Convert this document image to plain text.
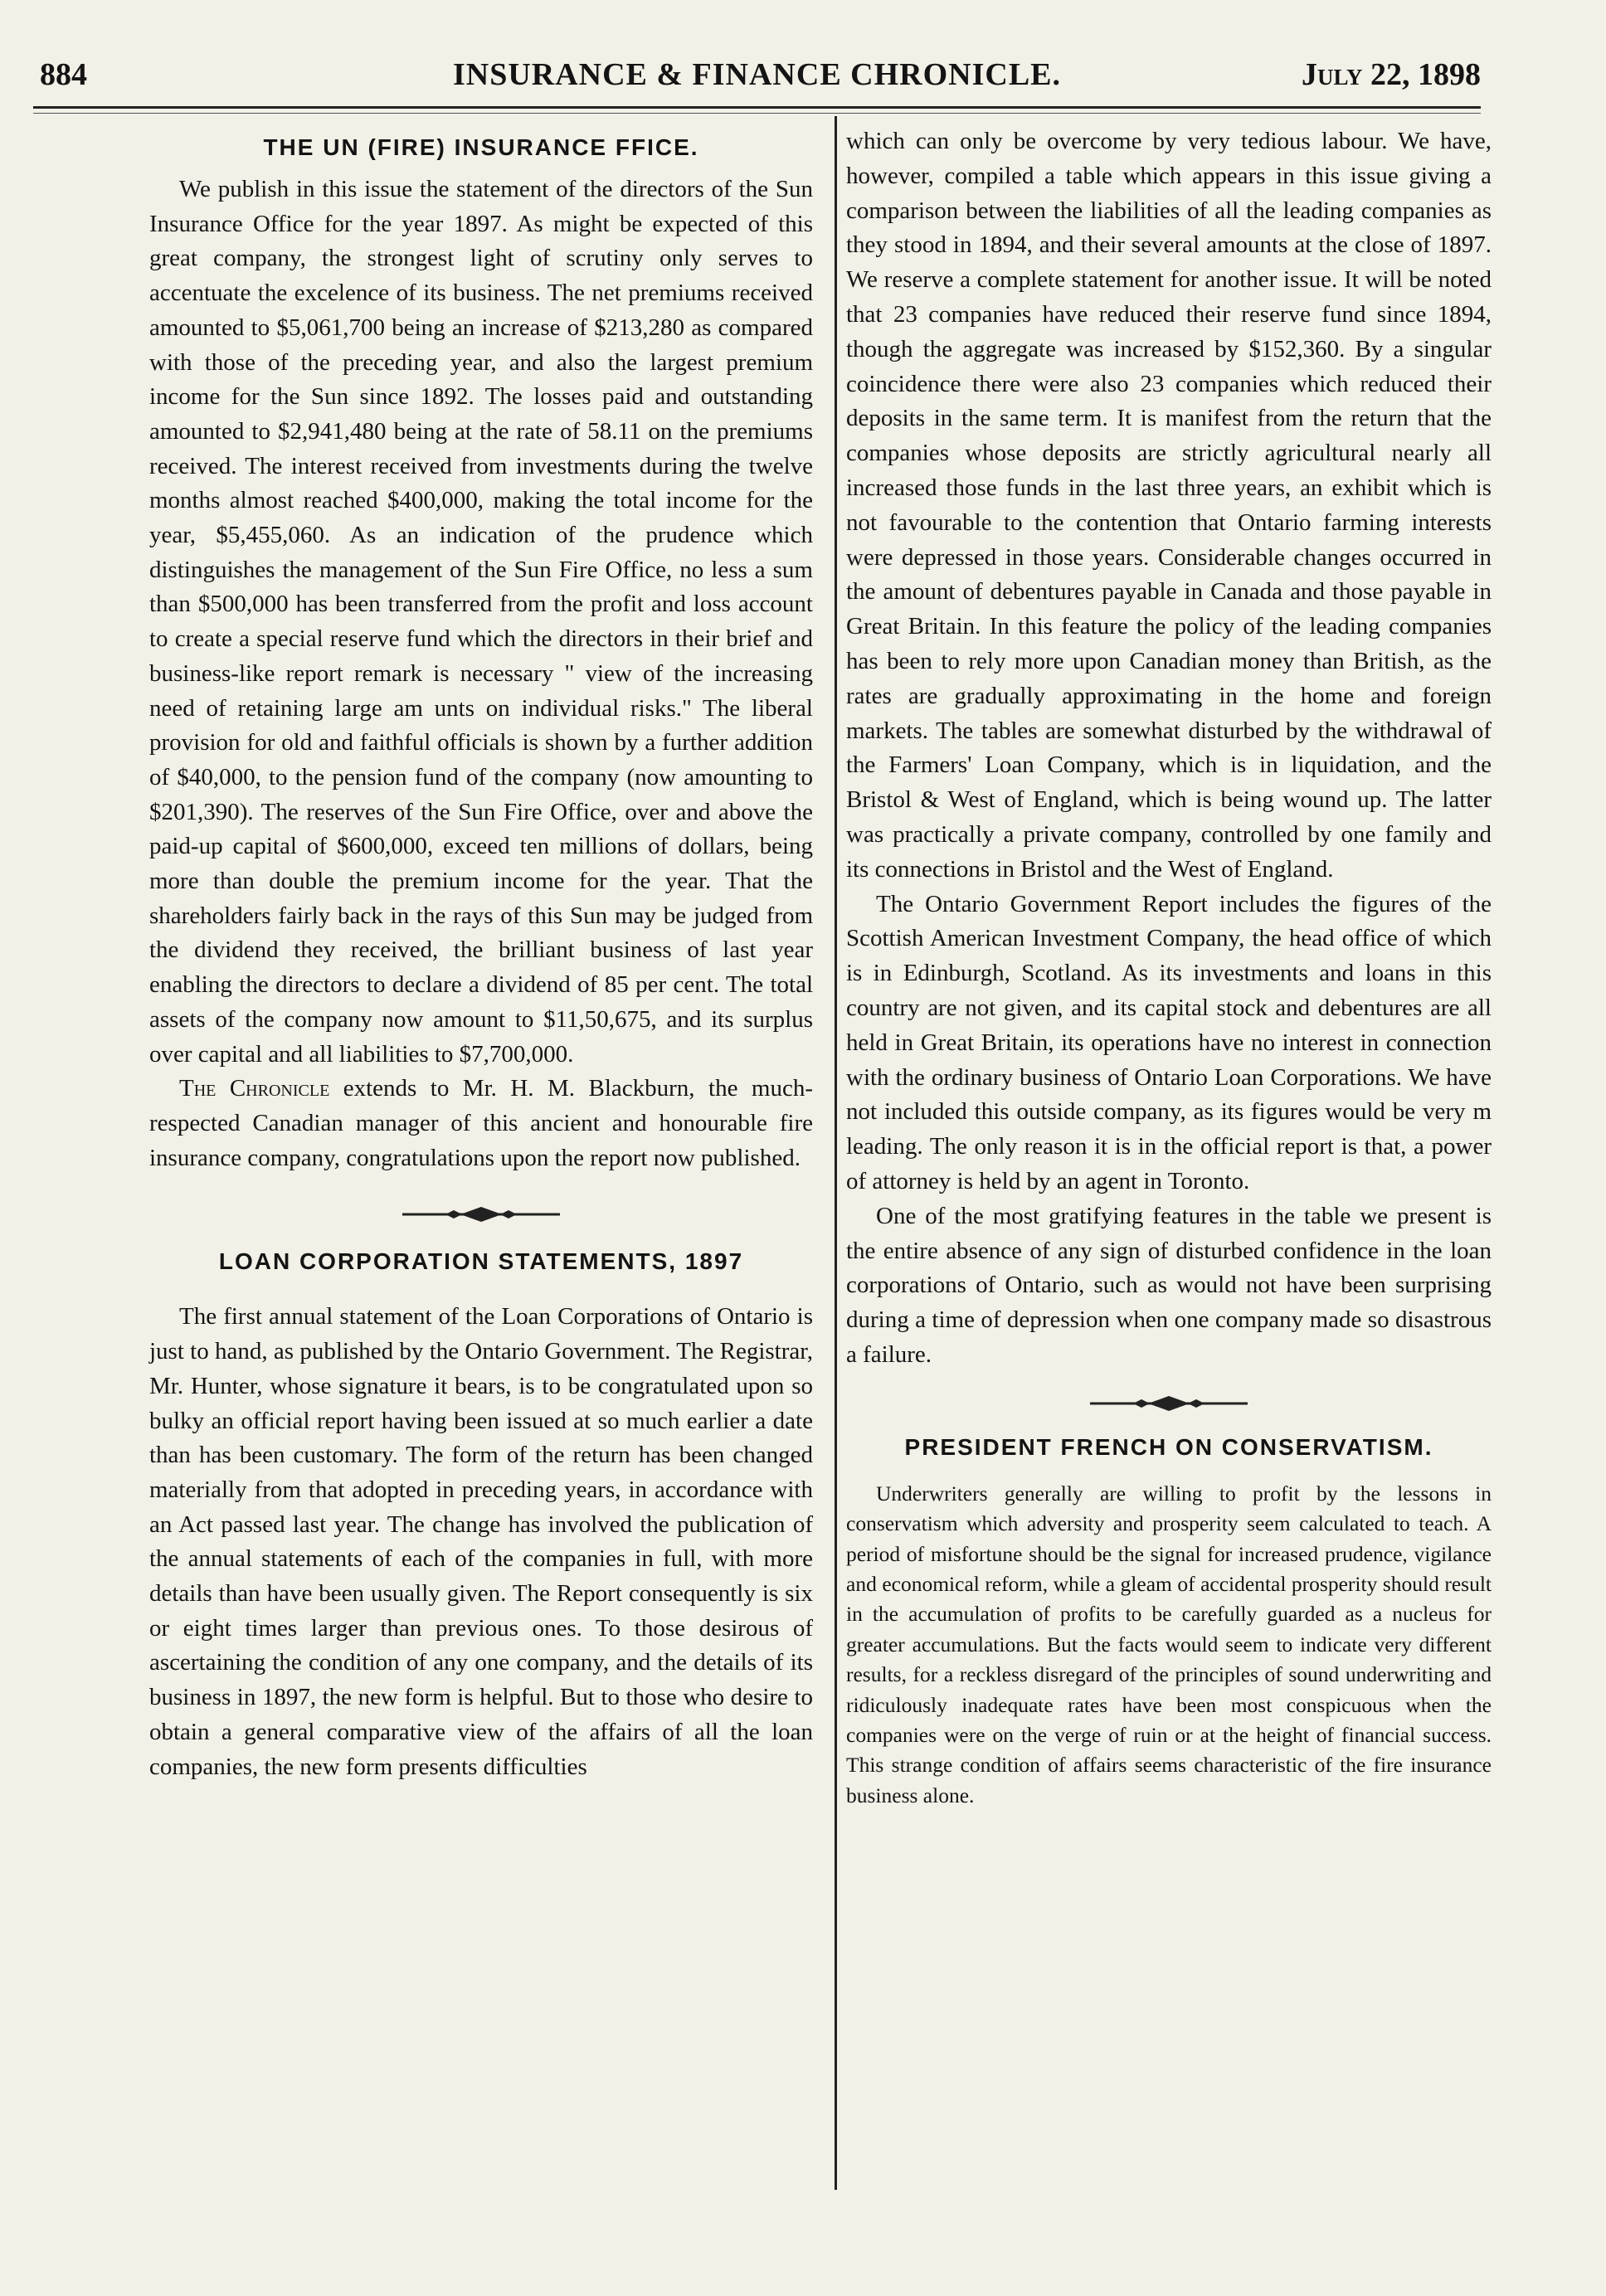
884	INSURANCE & FINANCE CHRONICLE.	July 22, 1898

THE UN (FIRE) INSURANCE FFICE.

We publish in this issue the statement of the directors of the Sun Insurance Office for the year 1897. As might be expected of this great company, the strongest light of scrutiny only serves to accentuate the excelence of its business. The net premiums received amounted to $5,061,700 being an increase of $213,280 as compared with those of the preceding year, and also the largest premium income for the Sun since 1892. The losses paid and outstanding amounted to $2,941,480 being at the rate of 58.11 on the premiums received. The interest received from investments during the twelve months almost reached $400,000, making the total income for the year, $5,455,060. As an indication of the prudence which distinguishes the management of the Sun Fire Office, no less a sum than $500,000 has been transferred from the profit and loss account to create a special reserve fund which the directors in their brief and business-like report remark is necessary " view of the increasing need of retaining large am unts on individual risks." The liberal provision for old and faithful officials is shown by a further addition of $40,000, to the pension fund of the company (now amounting to $201,390). The reserves of the Sun Fire Office, over and above the paid-up capital of $600,000, exceed ten millions of dollars, being more than double the premium income for the year. That the shareholders fairly back in the rays of this Sun may be judged from the dividend they received, the brilliant business of last year enabling the directors to declare a dividend of 85 per cent. The total assets of the company now amount to $11,50,675, and its surplus over capital and all liabilities to $7,700,000.

The Chronicle extends to Mr. H. M. Blackburn, the much-respected Canadian manager of this ancient and honourable fire insurance company, congratulations upon the report now published.

LOAN CORPORATION STATEMENTS, 1897

The first annual statement of the Loan Corporations of Ontario is just to hand, as published by the Ontario Government. The Registrar, Mr. Hunter, whose signature it bears, is to be congratulated upon so bulky an official report having been issued at so much earlier a date than has been customary. The form of the return has been changed materially from that adopted in preceding years, in accordance with an Act passed last year. The change has involved the publication of the annual statements of each of the companies in full, with more details than have been usually given. The Report consequently is six or eight times larger than previous ones. To those desirous of ascertaining the condition of any one company, and the details of its business in 1897, the new form is helpful. But to those who desire to obtain a general comparative view of the affairs of all the loan companies, the new form presents difficulties

which can only be overcome by very tedious labour. We have, however, compiled a table which appears in this issue giving a comparison between the liabilities of all the leading companies as they stood in 1894, and their several amounts at the close of 1897. We reserve a complete statement for another issue. It will be noted that 23 companies have reduced their reserve fund since 1894, though the aggregate was increased by $152,360. By a singular coincidence there were also 23 companies which reduced their deposits in the same term. It is manifest from the return that the companies whose deposits are strictly agricultural nearly all increased those funds in the last three years, an exhibit which is not favourable to the contention that Ontario farming interests were depressed in those years. Considerable changes occurred in the amount of debentures payable in Canada and those payable in Great Britain. In this feature the policy of the leading companies has been to rely more upon Canadian money than British, as the rates are gradually approximating in the home and foreign markets. The tables are somewhat disturbed by the withdrawal of the Farmers' Loan Company, which is in liquidation, and the Bristol & West of England, which is being wound up. The latter was practically a private company, controlled by one family and its connections in Bristol and the West of England.

The Ontario Government Report includes the figures of the Scottish American Investment Company, the head office of which is in Edinburgh, Scotland. As its investments and loans in this country are not given, and its capital stock and debentures are all held in Great Britain, its operations have no interest in connection with the ordinary business of Ontario Loan Corporations. We have not included this outside company, as its figures would be very m leading. The only reason it is in the official report is that, a power of attorney is held by an agent in Toronto.

One of the most gratifying features in the table we present is the entire absence of any sign of disturbed confidence in the loan corporations of Ontario, such as would not have been surprising during a time of depression when one company made so disastrous a failure.

PRESIDENT FRENCH ON CONSERVATISM.

Underwriters generally are willing to profit by the lessons in conservatism which adversity and prosperity seem calculated to teach. A period of misfortune should be the signal for increased prudence, vigilance and economical reform, while a gleam of accidental prosperity should result in the accumulation of profits to be carefully guarded as a nucleus for greater accumulations. But the facts would seem to indicate very different results, for a reckless disregard of the principles of sound underwriting and ridiculously inadequate rates have been most conspicuous when the companies were on the verge of ruin or at the height of financial success. This strange condition of affairs seems characteristic of the fire insurance business alone.
